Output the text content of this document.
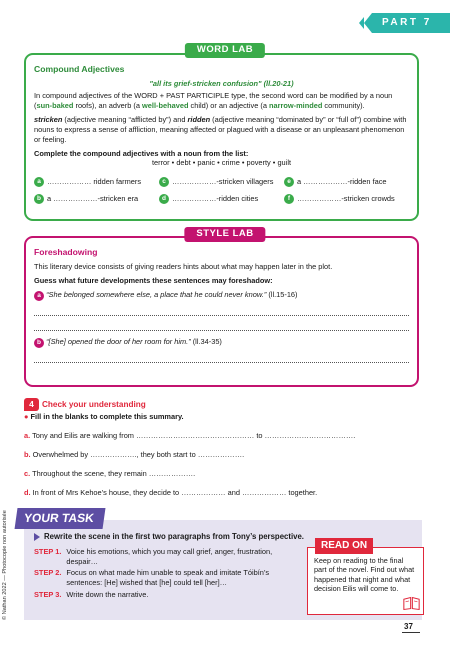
PART 7
WORD LAB
Compound Adjectives
"all its grief-stricken confusion" (ll.20-21)

In compound adjectives of the WORD + PAST PARTICIPLE type, the second word can be modified by a noun (sun-baked roofs), an adverb (a well-behaved child) or an adjective (a narrow-minded community).

stricken (adjective meaning “afflicted by”) and ridden (adjective meaning “dominated by” or “full of”) combine with nouns to express a sense of affliction, meaning affected or plagued with a disease or an unpleasant phenomenon or feeling.

Complete the compound adjectives with a noun from the list:
terror • debt • panic • crime • poverty • guilt
a ……………… ridden farmers	c ………………-stricken villagers	e a ………………-ridden face
b a ………………-stricken era	d ………………-ridden cities	f ………………-stricken crowds
STYLE LAB
Foreshadowing

This literary device consists of giving readers hints about what may happen later in the plot.

Guess what future developments these sentences may foreshadow:

a “She belonged somewhere else, a place that he could never know.” (ll.15-16)
b “[She] opened the door of her room for him.” (ll.34-35)
4 Check your understanding
● Fill in the blanks to complete this summary.
a. Tony and Eilis are walking from ………………………………………… to ……………………………….
b. Overwhelmed by ………………., they both start to ……………….
c. Throughout the scene, they remain ……………….
d. In front of Mrs Kehoe’s house, they decide to ……………… and ……………… together.
YOUR TASK
Rewrite the scene in the first two paragraphs from Tony’s perspective.
STEP 1. Voice his emotions, which you may call grief, anger, frustration, despair…
STEP 2. Focus on what made him unable to speak and imitate Tóibín’s sentences: [He] wished that [he] could tell [her]…
STEP 3. Write down the narrative.
READ ON
Keep on reading to the final part of the novel. Find out what happened that night and what decision Eilis will come to.
37
© Nathan 2022 — Photocopie non autorisée
